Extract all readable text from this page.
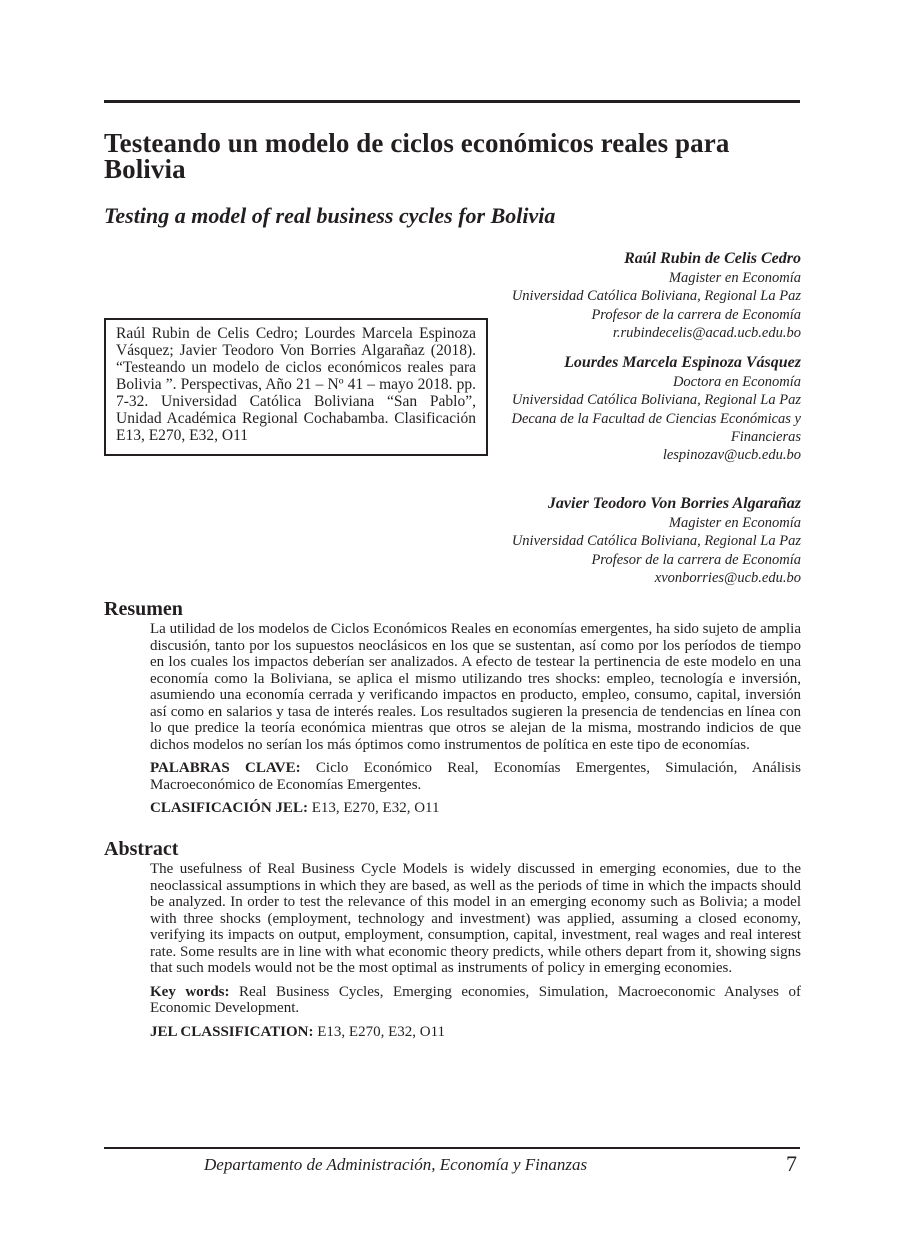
Testeando un modelo de ciclos económicos reales para Bolivia
Testing a model of real business cycles for Bolivia
Raúl Rubin de Celis Cedro; Lourdes Marcela Espinoza Vásquez; Javier Teodoro Von Borries Algarañaz (2018). “Testeando un modelo de ciclos económicos reales para Bolivia ”. Perspectivas, Año 21 – Nº 41 – mayo 2018. pp. 7-32. Universidad Católica Boliviana “San Pablo”, Unidad Académica Regional Cochabamba. Clasificación E13, E270, E32, O11
Raúl Rubin de Celis Cedro
Magister en Economía
Universidad Católica Boliviana, Regional La Paz
Profesor de la carrera de Economía
r.rubindecelis@acad.ucb.edu.bo
Lourdes Marcela Espinoza Vásquez
Doctora en Economía
Universidad Católica Boliviana, Regional La Paz
Decana de la Facultad de Ciencias Económicas y Financieras
lespinozav@ucb.edu.bo
Javier Teodoro Von Borries Algarañaz
Magister en Economía
Universidad Católica Boliviana, Regional La Paz
Profesor de la carrera de Economía
xvonborries@ucb.edu.bo
Resumen

La utilidad de los modelos de Ciclos Económicos Reales en economías emergentes, ha sido sujeto de amplia discusión, tanto por los supuestos neoclásicos en los que se sustentan, así como por los períodos de tiempo en los cuales los impactos deberían ser analizados. A efecto de testear la pertinencia de este modelo en una economía como la Boliviana, se aplica el mismo utilizando tres shocks: empleo, tecnología e inversión, asumiendo una economía cerrada y verificando impactos en producto, empleo, consumo, capital, inversión así como en salarios y tasa de interés reales. Los resultados sugieren la presencia de tendencias en línea con lo que predice la teoría económica mientras que otros se alejan de la misma, mostrando indicios de que dichos modelos no serían los más óptimos como instrumentos de política en este tipo de economías.

PALABRAS CLAVE: Ciclo Económico Real, Economías Emergentes, Simulación, Análisis Macroeconómico de Economías Emergentes.

CLASIFICACIÓN JEL: E13, E270, E32, O11

Abstract

The usefulness of Real Business Cycle Models is widely discussed in emerging economies, due to the neoclassical assumptions in which they are based, as well as the periods of time in which the impacts should be analyzed. In order to test the relevance of this model in an emerging economy such as Bolivia; a model with three shocks (employment, technology and investment) was applied, assuming a closed economy, verifying its impacts on output, employment, consumption, capital, investment, real wages and real interest rate. Some results are in line with what economic theory predicts, while others depart from it, showing signs that such models would not be the most optimal as instruments of policy in emerging economies.

Key words: Real Business Cycles, Emerging economies, Simulation, Macroeconomic Analyses of Economic Development.

JEL CLASSIFICATION: E13, E270, E32, O11

Departamento de Administración, Economía y Finanzas	7
